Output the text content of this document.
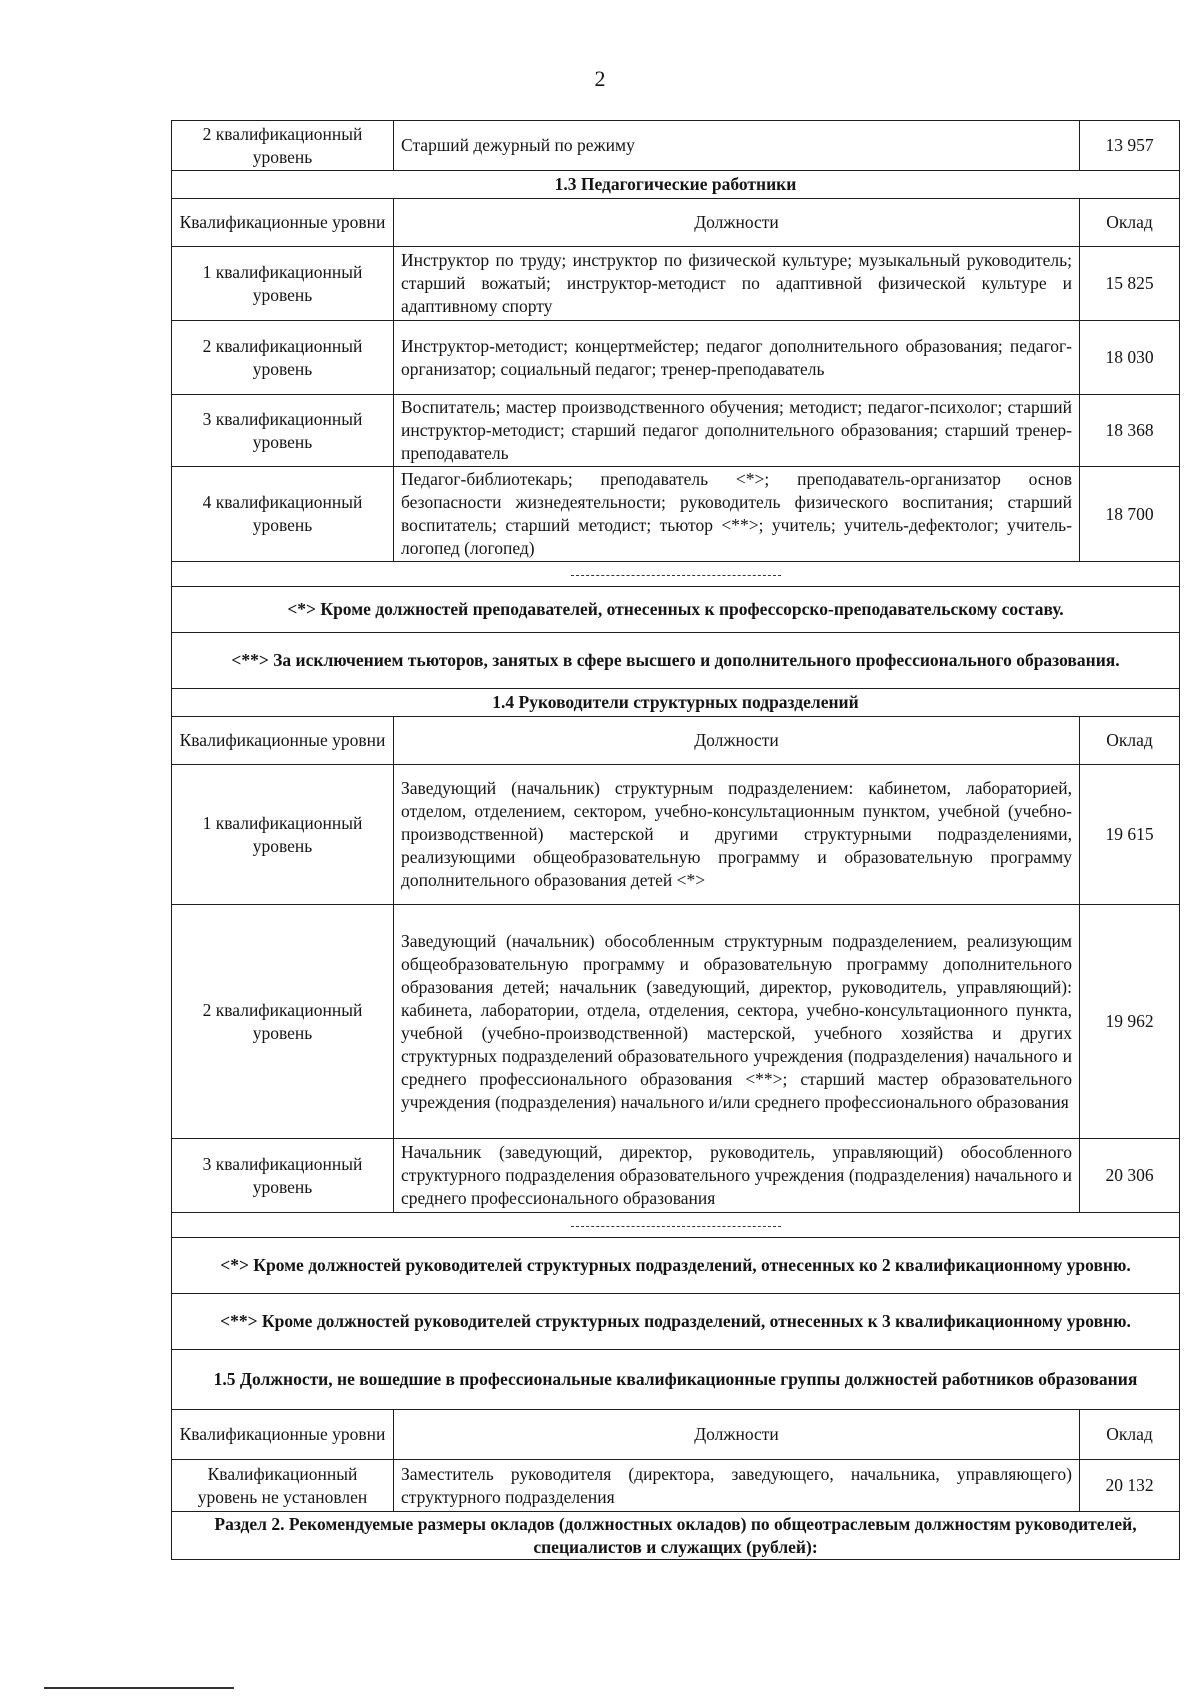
2
2 квалификационный уровень	Старший дежурный по режиму	13 957
1.3 Педагогические работники		
Квалификационные уровни	Должности	Оклад
1 квалификационный уровень	Инструктор по труду; инструктор по физической культуре; музыкальный руководитель; старший вожатый; инструктор-методист по адаптивной физической культуре и адаптивному спорту	15 825
2 квалификационный уровень	Инструктор-методист; концертмейстер; педагог дополнительного образования; педагог-организатор; социальный педагог; тренер-преподаватель	18 030
3 квалификационный уровень	Воспитатель; мастер производственного обучения; методист; педагог-психолог; старший инструктор-методист; старший педагог дополнительного образования; старший тренер-преподаватель	18 368
4 квалификационный уровень	Педагог-библиотекарь; преподаватель <*>; преподаватель-организатор основ безопасности жизнедеятельности; руководитель физического воспитания; старший воспитатель; старший методист; тьютор <**>; учитель; учитель-дефектолог; учитель-логопед (логопед)	18 700

<*> Кроме должностей преподавателей, отнесенных к профессорско-преподавательскому составу.		
<**> За исключением тьюторов, занятых в сфере высшего и дополнительного профессионального образования.		
1.4 Руководители структурных подразделений		
Квалификационные уровни	Должности	Оклад
1 квалификационный уровень	Заведующий (начальник) структурным подразделением: кабинетом, лабораторией, отделом, отделением, сектором, учебно-консультационным пунктом, учебной (учебно-производственной) мастерской и другими структурными подразделениями, реализующими общеобразовательную программу и образовательную программу дополнительного образования детей <*>	19 615
2 квалификационный уровень	Заведующий (начальник) обособленным структурным подразделением, реализующим общеобразовательную программу и образовательную программу дополнительного образования детей; начальник (заведующий, директор, руководитель, управляющий): кабинета, лаборатории, отдела, отделения, сектора, учебно-консультационного пункта, учебной (учебно-производственной) мастерской, учебного хозяйства и других структурных подразделений образовательного учреждения (подразделения) начального и среднего профессионального образования <**>; старший мастер образовательного учреждения (подразделения) начального и/или среднего профессионального образования	19 962
3 квалификационный уровень	Начальник (заведующий, директор, руководитель, управляющий) обособленного структурного подразделения образовательного учреждения (подразделения) начального и среднего профессионального образования	20 306

<*> Кроме должностей руководителей структурных подразделений, отнесенных ко 2 квалификационному уровню.		
<**> Кроме должностей руководителей структурных подразделений, отнесенных к 3 квалификационному уровню.		
1.5 Должности, не вошедшие в профессиональные квалификационные группы должностей работников образования		
Квалификационные уровни	Должности	Оклад
Квалификационный уровень не установлен	Заместитель руководителя (директора, заведующего, начальника, управляющего) структурного подразделения	20 132
Раздел 2. Рекомендуемые размеры окладов (должностных окладов) по общеотраслевым должностям руководителей, специалистов и служащих (рублей):		
